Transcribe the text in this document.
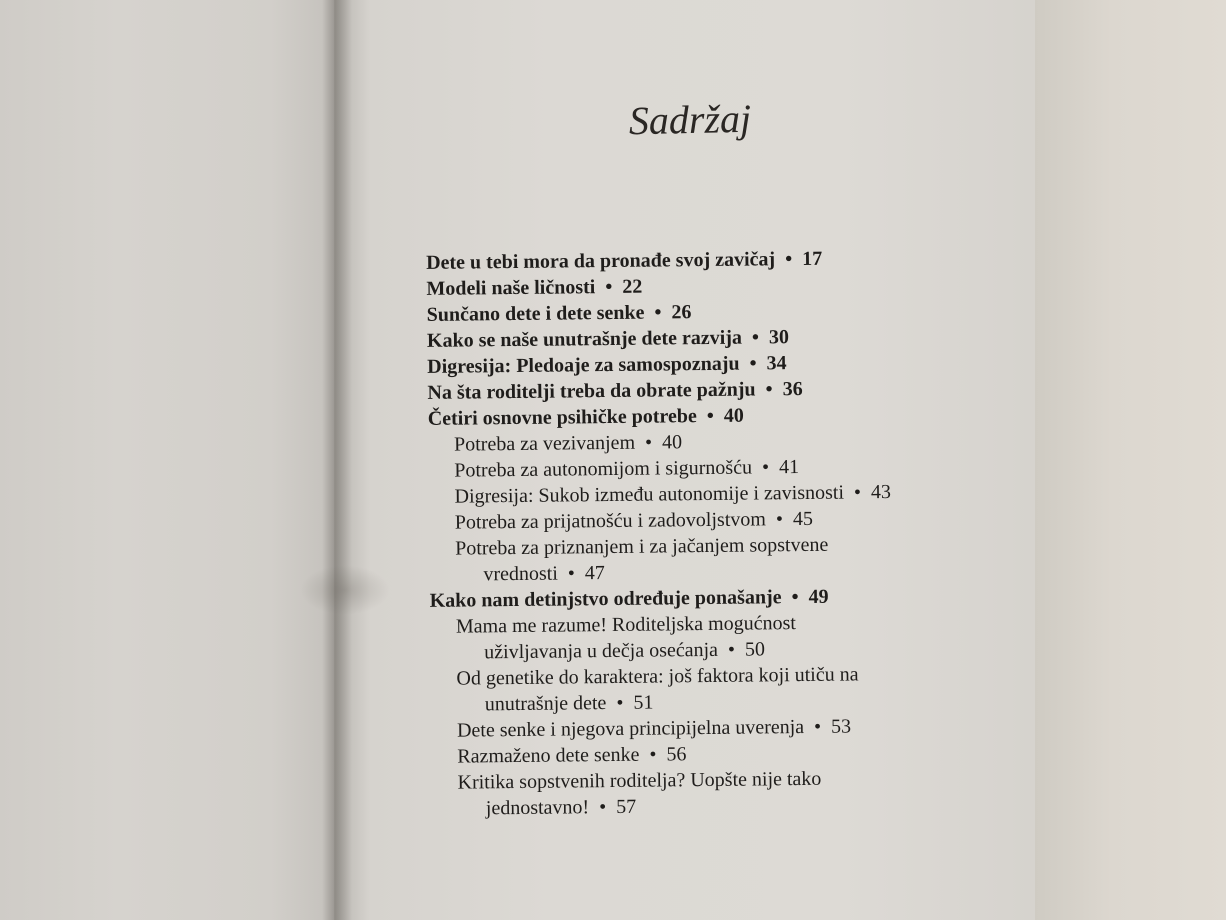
Sadržaj
Dete u tebi mora da pronađe svoj zavičaj • 17
Modeli naše ličnosti • 22
Sunčano dete i dete senke • 26
Kako se naše unutrašnje dete razvija • 30
Digresija: Pledoaje za samospoznaju • 34
Na šta roditelji treba da obrate pažnju • 36
Četiri osnovne psihičke potrebe • 40
Potreba za vezivanjem • 40
Potreba za autonomijom i sigurnošću • 41
Digresija: Sukob između autonomije i zavisnosti • 43
Potreba za prijatnošću i zadovoljstvom • 45
Potreba za priznanjem i za jačanjem sopstvene
vrednosti • 47
Kako nam detinjstvo određuje ponašanje • 49
Mama me razume! Roditeljska mogućnost
uživljavanja u dečja osećanja • 50
Od genetike do karaktera: još faktora koji utiču na
unutrašnje dete • 51
Dete senke i njegova principijelna uverenja • 53
Razmaženo dete senke • 56
Kritika sopstvenih roditelja? Uopšte nije tako
jednostavno! • 57
